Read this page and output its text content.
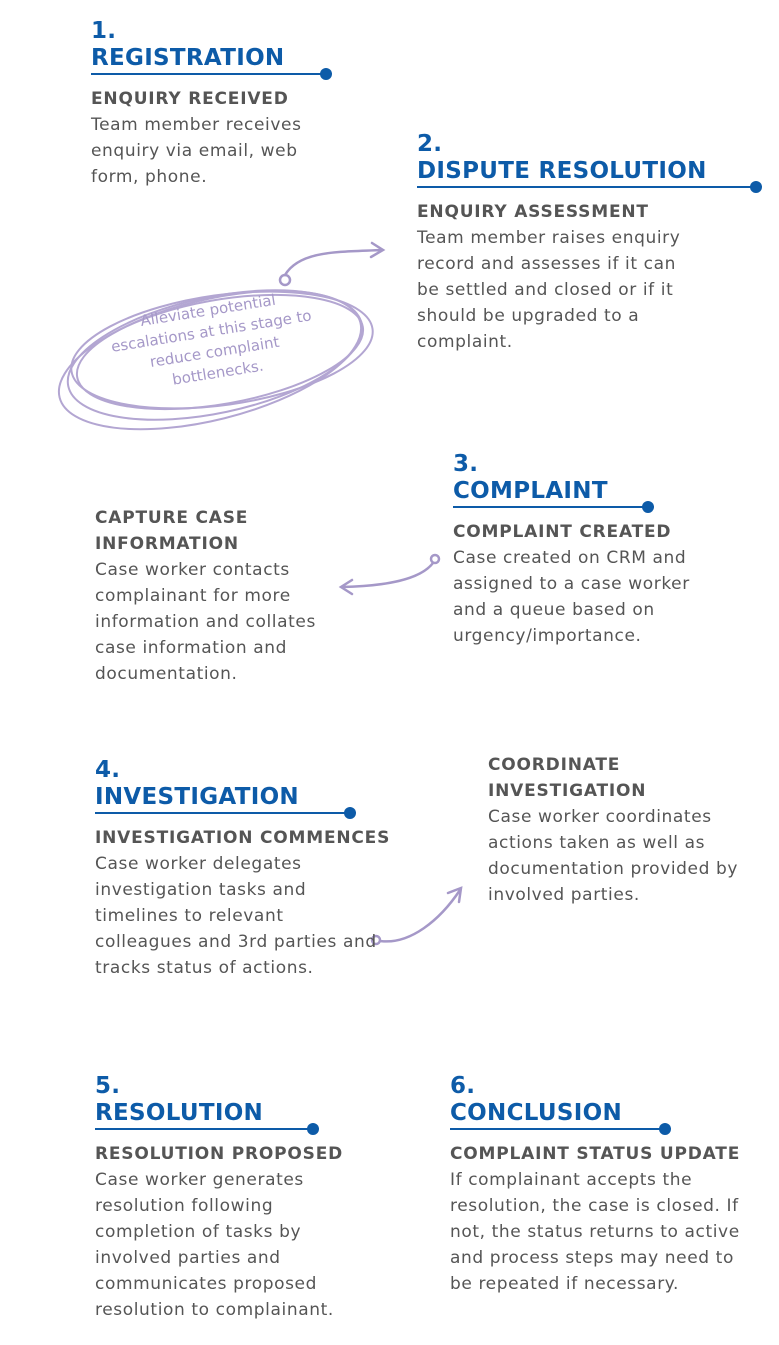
Alleviate potential escalations at this stage to reduce complaint bottlenecks.
1.
REGISTRATION
ENQUIRY RECEIVED
Team member receives enquiry via email, web form, phone.
2.
DISPUTE RESOLUTION
ENQUIRY ASSESSMENT
Team member raises enquiry record and assesses if it can be settled and closed or if it should be upgraded to a complaint.
3.
COMPLAINT
COMPLAINT CREATED
Case created on CRM and assigned to a case worker and a queue based on urgency/importance.
CAPTURE CASE INFORMATION
Case worker contacts complainant for more information and collates case information and documentation.
4.
INVESTIGATION
INVESTIGATION COMMENCES
Case worker delegates investigation tasks and timelines to relevant colleagues and 3rd parties and tracks status of actions.
COORDINATE INVESTIGATION
Case worker coordinates actions taken as well as documentation provided by involved parties.
5.
RESOLUTION
RESOLUTION PROPOSED
Case worker generates resolution following completion of tasks by involved parties and communicates proposed resolution to complainant.
6.
CONCLUSION
COMPLAINT STATUS UPDATE
If complainant accepts the resolution, the case is closed. If not, the status returns to active and process steps may need to be repeated if necessary.
